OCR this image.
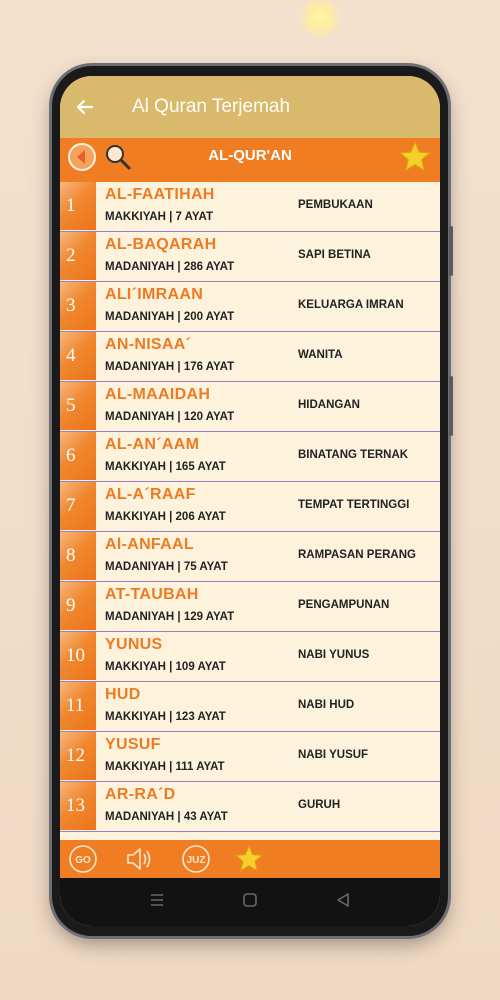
Al Quran Terjemah
AL-QUR'AN
1
AL-FAATIHAH
MAKKIYAH | 7 AYAT
PEMBUKAAN
2
AL-BAQARAH
MADANIYAH | 286 AYAT
SAPI BETINA
3
ALI´IMRAAN
MADANIYAH | 200 AYAT
KELUARGA IMRAN
4
AN-NISAA´
MADANIYAH | 176 AYAT
WANITA
5
AL-MAAIDAH
MADANIYAH | 120 AYAT
HIDANGAN
6
AL-AN´AAM
MAKKIYAH | 165 AYAT
BINATANG TERNAK
7
AL-A´RAAF
MAKKIYAH | 206 AYAT
TEMPAT TERTINGGI
8
Al-ANFAAL
MADANIYAH | 75 AYAT
RAMPASAN PERANG
9
AT-TAUBAH
MADANIYAH | 129 AYAT
PENGAMPUNAN
10
YUNUS
MAKKIYAH | 109 AYAT
NABI YUNUS
11
HUD
MAKKIYAH | 123 AYAT
NABI HUD
12
YUSUF
MAKKIYAH | 111 AYAT
NABI YUSUF
13
AR-RA´D
MADANIYAH | 43 AYAT
GURUH
GO	JUZ
